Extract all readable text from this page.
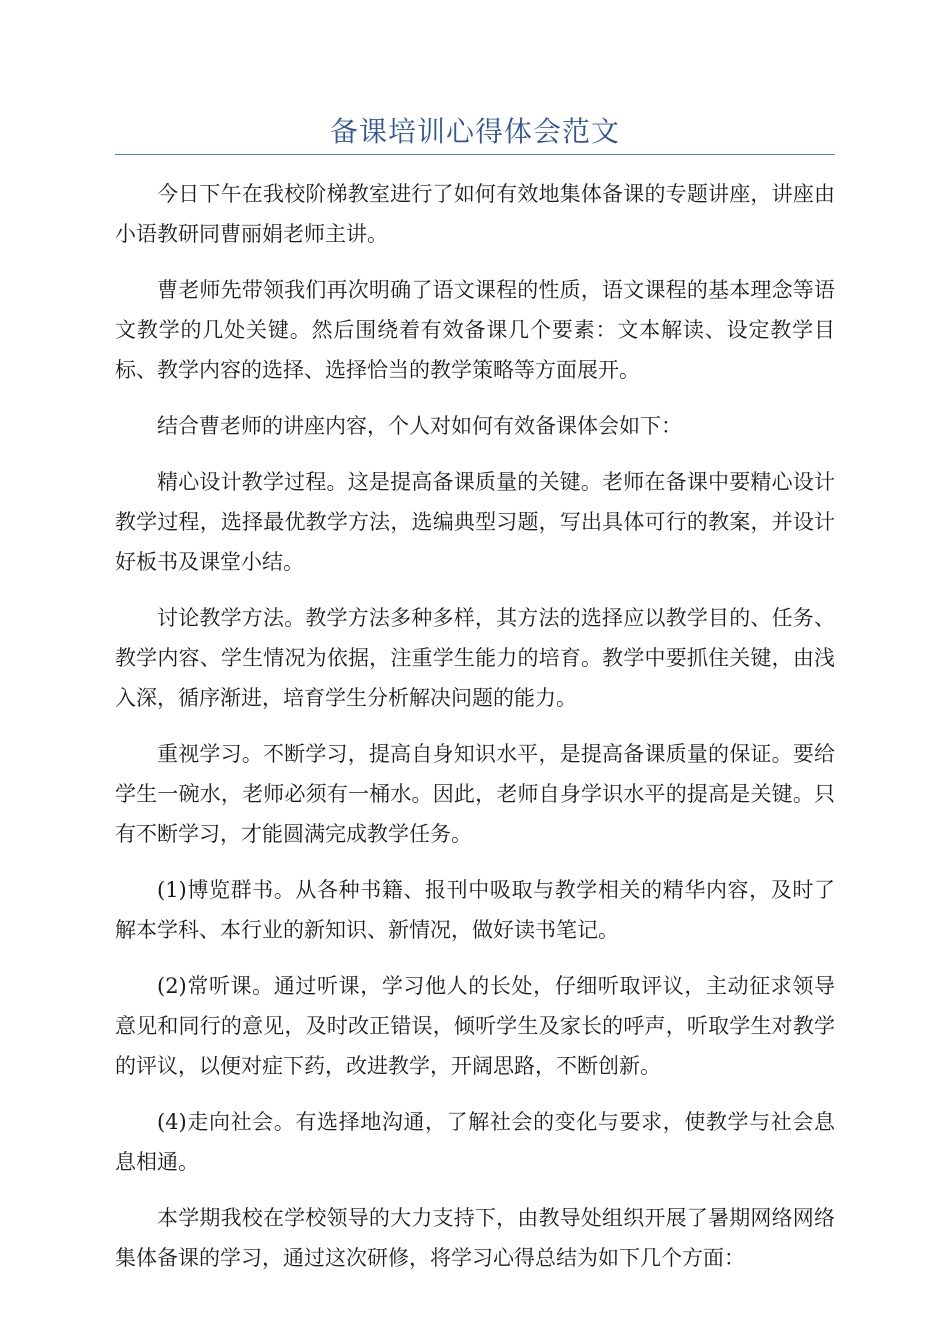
备课培训心得体会范文

今日下午在我校阶梯教室进行了如何有效地集体备课的专题讲座，讲座由小语教研同曹丽娟老师主讲。

曹老师先带领我们再次明确了语文课程的性质，语文课程的基本理念等语文教学的几处关键。然后围绕着有效备课几个要素：文本解读、设定教学目标、教学内容的选择、选择恰当的教学策略等方面展开。

结合曹老师的讲座内容，个人对如何有效备课体会如下：

精心设计教学过程。这是提高备课质量的关键。老师在备课中要精心设计教学过程，选择最优教学方法，选编典型习题，写出具体可行的教案，并设计好板书及课堂小结。

讨论教学方法。教学方法多种多样，其方法的选择应以教学目的、任务、教学内容、学生情况为依据，注重学生能力的培育。教学中要抓住关键，由浅入深，循序渐进，培育学生分析解决问题的能力。

重视学习。不断学习，提高自身知识水平，是提高备课质量的保证。要给学生一碗水，老师必须有一桶水。因此，老师自身学识水平的提高是关键。只有不断学习，才能圆满完成教学任务。

(1)博览群书。从各种书籍、报刊中吸取与教学相关的精华内容，及时了解本学科、本行业的新知识、新情况，做好读书笔记。

(2)常听课。通过听课，学习他人的长处，仔细听取评议，主动征求领导意见和同行的意见，及时改正错误，倾听学生及家长的呼声，听取学生对教学的评议，以便对症下药，改进教学，开阔思路，不断创新。

(4)走向社会。有选择地沟通，了解社会的变化与要求，使教学与社会息息相通。

本学期我校在学校领导的大力支持下，由教导处组织开展了暑期网络网络集体备课的学习，通过这次研修，将学习心得总结为如下几个方面：
